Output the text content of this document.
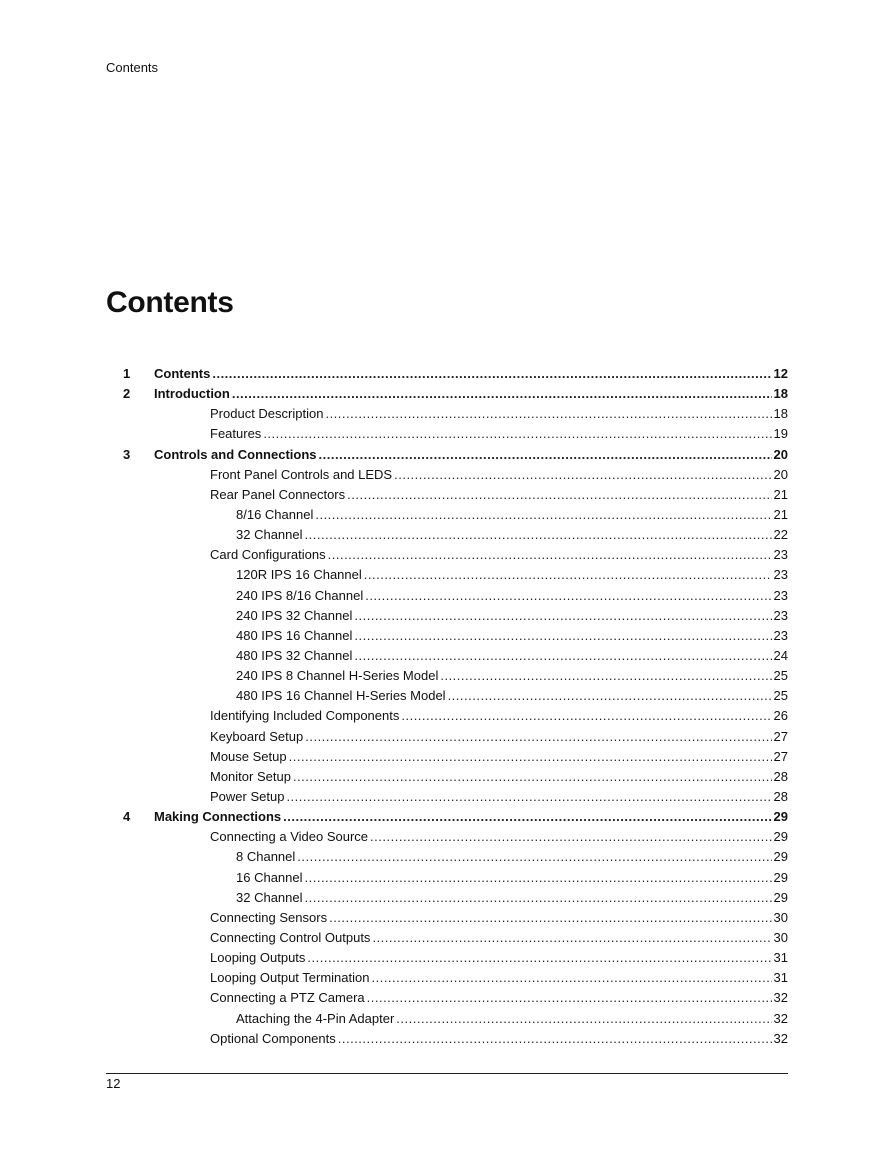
Contents
Contents
1 Contents .....	12
2 Introduction .....	18
Product Description .....	18
Features .....	19
3 Controls and Connections .....	20
Front Panel Controls and LEDS .....	20
Rear Panel Connectors .....	21
8/16 Channel .....	21
32 Channel .....	22
Card Configurations .....	23
120R IPS 16 Channel .....	23
240 IPS 8/16 Channel .....	23
240 IPS 32 Channel .....	23
480 IPS 16 Channel .....	23
480 IPS 32 Channel .....	24
240 IPS 8 Channel H-Series Model .....	25
480 IPS 16 Channel H-Series Model .....	25
Identifying Included Components .....	26
Keyboard Setup .....	27
Mouse Setup .....	27
Monitor Setup .....	28
Power Setup .....	28
4 Making Connections .....	29
Connecting a Video Source .....	29
8 Channel .....	29
16 Channel .....	29
32 Channel .....	29
Connecting Sensors .....	30
Connecting Control Outputs .....	30
Looping Outputs .....	31
Looping Output Termination .....	31
Connecting a PTZ Camera .....	32
Attaching the 4-Pin Adapter .....	32
Optional Components .....	32
12
